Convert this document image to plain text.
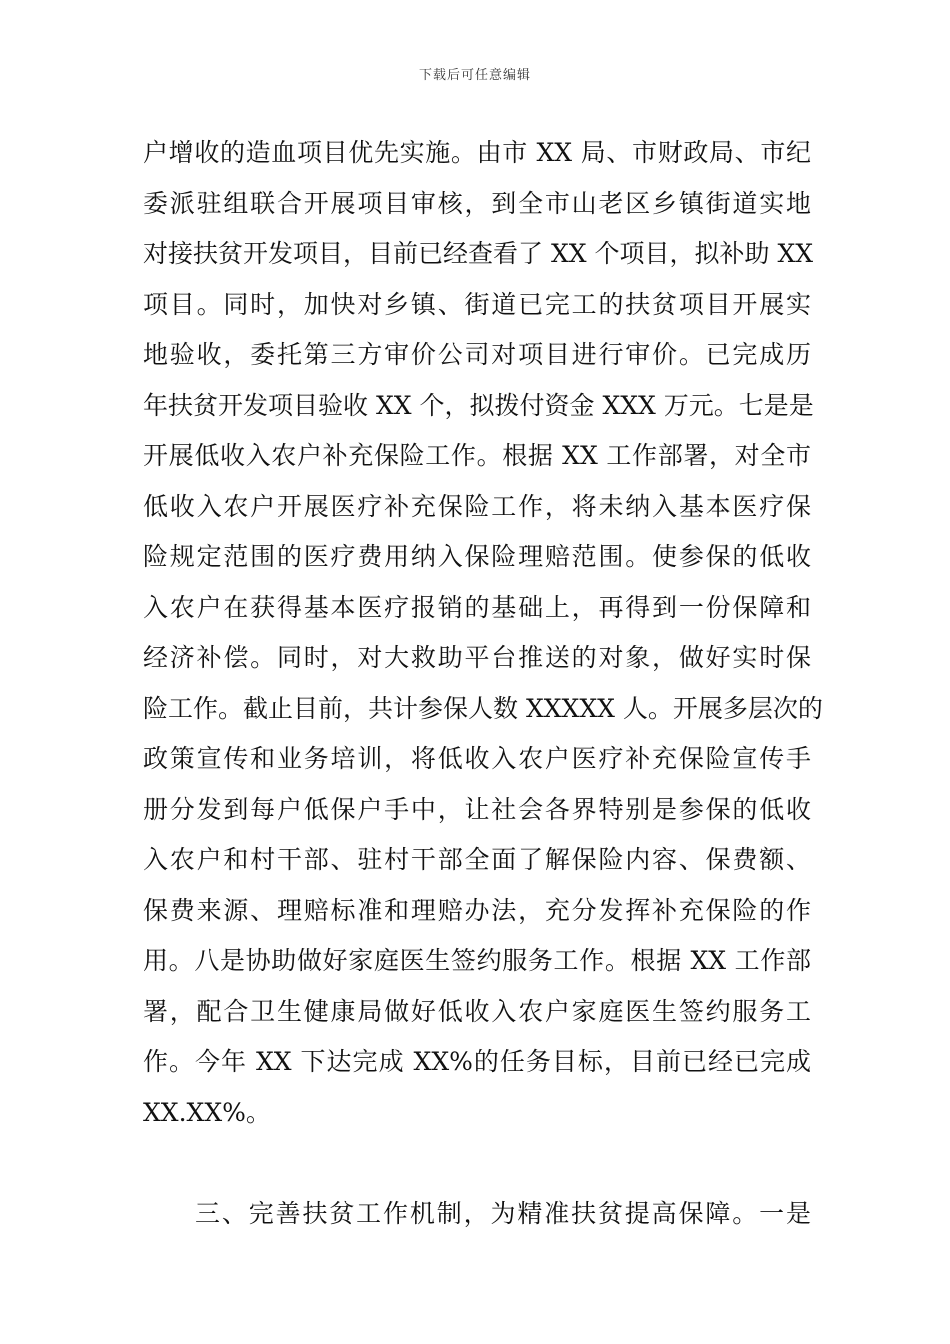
下载后可任意编辑
户增收的造血项目优先实施。由市 XX 局、市财政局、市纪
委派驻组联合开展项目审核，到全市山老区乡镇街道实地
对接扶贫开发项目，目前已经查看了 XX 个项目，拟补助 XX
项目。同时，加快对乡镇、街道已完工的扶贫项目开展实
地验收，委托第三方审价公司对项目进行审价。已完成历
年扶贫开发项目验收 XX 个，拟拨付资金 XXX 万元。七是是
开展低收入农户补充保险工作。根据 XX 工作部署，对全市
低收入农户开展医疗补充保险工作，将未纳入基本医疗保
险规定范围的医疗费用纳入保险理赔范围。使参保的低收
入农户在获得基本医疗报销的基础上，再得到一份保障和
经济补偿。同时，对大救助平台推送的对象，做好实时保
险工作。截止目前，共计参保人数 XXXXX 人。开展多层次的
政策宣传和业务培训，将低收入农户医疗补充保险宣传手
册分发到每户低保户手中，让社会各界特别是参保的低收
入农户和村干部、驻村干部全面了解保险内容、保费额、
保费来源、理赔标准和理赔办法，充分发挥补充保险的作
用。八是协助做好家庭医生签约服务工作。根据 XX 工作部
署，配合卫生健康局做好低收入农户家庭医生签约服务工
作。今年 XX 下达完成 XX%的任务目标，目前已经已完成
XX.XX%。
三、完善扶贫工作机制，为精准扶贫提高保障。一是
